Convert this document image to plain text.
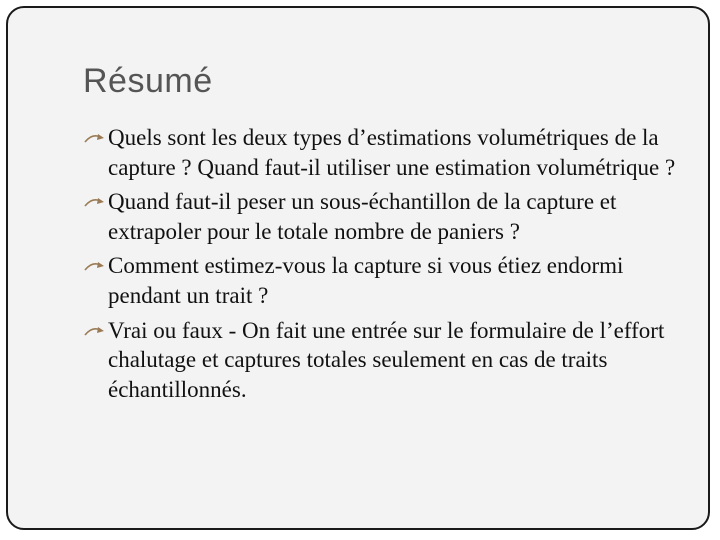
Résumé
Quels sont les deux types d’estimations volumétriques de la capture ? Quand faut-il utiliser une estimation volumétrique ?
Quand faut-il peser un sous-échantillon de la capture et extrapoler pour le totale nombre de paniers ?
Comment estimez-vous la capture si vous étiez endormi pendant un trait ?
Vrai ou faux - On fait une entrée sur le formulaire de l’effort chalutage et captures totales seulement en cas de traits échantillonnés.
